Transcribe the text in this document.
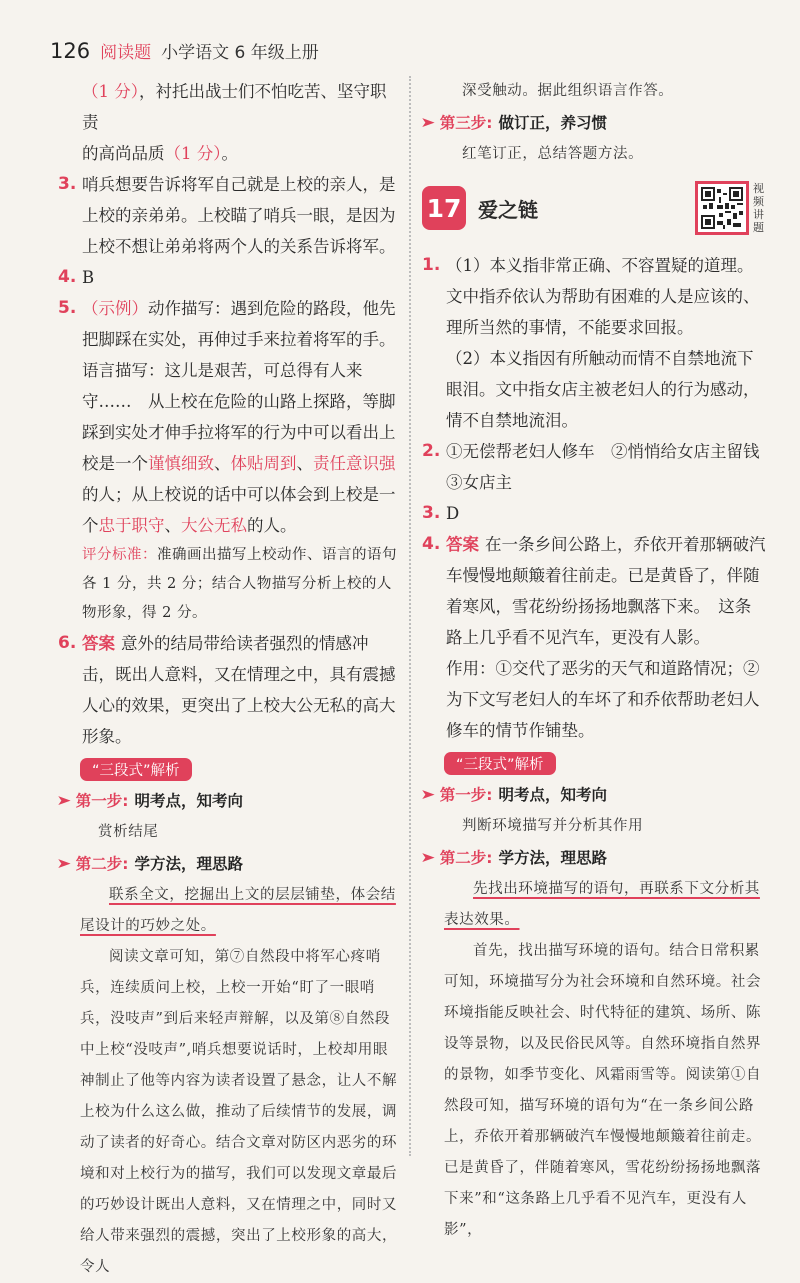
126 阅读题 小学语文 6 年级上册
（1 分），衬托出战士们不怕吃苦、坚守职责
的高尚品质（1 分）。
3. 哨兵想要告诉将军自己就是上校的亲人，是上校的亲弟弟。上校瞄了哨兵一眼，是因为上校不想让弟弟将两个人的关系告诉将军。
4. B
5. （示例）动作描写：遇到危险的路段，他先把脚踩在实处，再伸过手来拉着将军的手。　语言描写：这儿是艰苦，可总得有人来守……　从上校在危险的山路上探路，等脚踩到实处才伸手拉将军的行为中可以看出上校是一个谨慎细致、体贴周到、责任意识强的人；从上校说的话中可以体会到上校是一个忠于职守、大公无私的人。
评分标准：准确画出描写上校动作、语言的语句各 1 分，共 2 分；结合人物描写分析上校的人物形象，得 2 分。
6. 答案 意外的结局带给读者强烈的情感冲击，既出人意料，又在情理之中，具有震撼人心的效果，更突出了上校大公无私的高大形象。
“三段式”解析
➤ 第一步: 明考点，知考向
赏析结尾
➤ 第二步: 学方法，理思路
联系全文，挖掘出上文的层层铺垫，体会结尾设计的巧妙之处。
阅读文章可知，第⑦自然段中将军心疼哨兵，连续质问上校，上校一开始“盯了一眼哨兵，没吱声”到后来轻声辩解，以及第⑧自然段中上校“没吱声”,哨兵想要说话时，上校却用眼神制止了他等内容为读者设置了悬念，让人不解上校为什么这么做，推动了后续情节的发展，调动了读者的好奇心。结合文章对防区内恶劣的环境和对上校行为的描写，我们可以发现文章最后的巧妙设计既出人意料，又在情理之中，同时又给人带来强烈的震撼，突出了上校形象的高大，令人
深受触动。据此组织语言作答。
➤ 第三步: 做订正，养习惯
红笔订正，总结答题方法。
17 爱之链
视频讲题
1. （1）本义指非常正确、不容置疑的道理。文中指乔依认为帮助有困难的人是应该的、理所当然的事情，不能要求回报。
（2）本义指因有所触动而情不自禁地流下眼泪。文中指女店主被老妇人的行为感动，情不自禁地流泪。
2. ①无偿帮老妇人修车　②悄悄给女店主留钱　③女店主
3. D
4. 答案 在一条乡间公路上，乔依开着那辆破汽车慢慢地颠簸着往前走。已是黄昏了，伴随着寒风，雪花纷纷扬扬地飘落下来。　这条路上几乎看不见汽车，更没有人影。
作用：①交代了恶劣的天气和道路情况；②为下文写老妇人的车坏了和乔依帮助老妇人修车的情节作铺垫。
“三段式”解析
➤ 第一步: 明考点，知考向
判断环境描写并分析其作用
➤ 第二步: 学方法，理思路
先找出环境描写的语句，再联系下文分析其表达效果。
首先，找出描写环境的语句。结合日常积累可知，环境描写分为社会环境和自然环境。社会环境指能反映社会、时代特征的建筑、场所、陈设等景物，以及民俗民风等。自然环境指自然界的景物，如季节变化、风霜雨雪等。阅读第①自然段可知，描写环境的语句为“在一条乡间公路上，乔依开着那辆破汽车慢慢地颠簸着往前走。已是黄昏了，伴随着寒风，雪花纷纷扬扬地飘落下来”和“这条路上几乎看不见汽车，更没有人影”，
